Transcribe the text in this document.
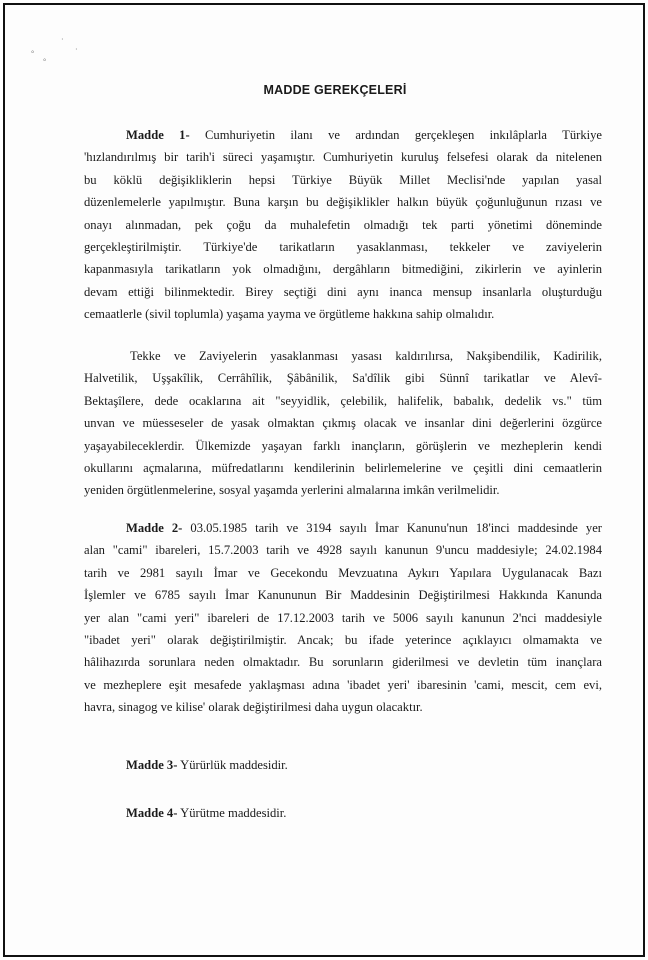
°
·
°
·
MADDE GEREKÇELERİ
Madde 1- Cumhuriyetin ilanı ve ardından gerçekleşen inkılâplarla Türkiye
'hızlandırılmış bir tarih'i süreci yaşamıştır. Cumhuriyetin kuruluş felsefesi olarak da nitelenen
bu köklü değişikliklerin hepsi Türkiye Büyük Millet Meclisi'nde yapılan yasal
düzenlemelerle yapılmıştır. Buna karşın bu değişiklikler halkın büyük çoğunluğunun rızası ve
onayı alınmadan, pek çoğu da muhalefetin olmadığı tek parti yönetimi döneminde
gerçekleştirilmiştir. Türkiye'de tarikatların yasaklanması, tekkeler ve zaviyelerin
kapanmasıyla tarikatların yok olmadığını, dergâhların bitmediğini, zikirlerin ve ayinlerin
devam ettiği bilinmektedir. Birey seçtiği dini aynı inanca mensup insanlarla oluşturduğu
cemaatlerle (sivil toplumla) yaşama yayma ve örgütleme hakkına sahip olmalıdır.
Tekke ve Zaviyelerin yasaklanması yasası kaldırılırsa, Nakşibendilik, Kadirilik,
Halvetilik, Uşşakîlik, Cerrâhîlik, Şâbânilik, Sa'dîlik gibi Sünnî tarikatlar ve Alevî-
Bektaşîlere, dede ocaklarına ait "seyyidlik, çelebilik, halifelik, babalık, dedelik vs." tüm
unvan ve müesseseler de yasak olmaktan çıkmış olacak ve insanlar dini değerlerini özgürce
yaşayabileceklerdir. Ülkemizde yaşayan farklı inançların, görüşlerin ve mezheplerin kendi
okullarını açmalarına, müfredatlarını kendilerinin belirlemelerine ve çeşitli dini cemaatlerin
yeniden örgütlenmelerine, sosyal yaşamda yerlerini almalarına imkân verilmelidir.
Madde 2- 03.05.1985 tarih ve 3194 sayılı İmar Kanunu'nun 18'inci maddesinde yer
alan "cami" ibareleri, 15.7.2003 tarih ve 4928 sayılı kanunun 9'uncu maddesiyle; 24.02.1984
tarih ve 2981 sayılı İmar ve Gecekondu Mevzuatına Aykırı Yapılara Uygulanacak Bazı
İşlemler ve 6785 sayılı İmar Kanununun Bir Maddesinin Değiştirilmesi Hakkında Kanunda
yer alan "cami yeri" ibareleri de 17.12.2003 tarih ve 5006 sayılı kanunun 2'nci maddesiyle
"ibadet yeri" olarak değiştirilmiştir. Ancak; bu ifade yeterince açıklayıcı olmamakta ve
hâlihazırda sorunlara neden olmaktadır. Bu sorunların giderilmesi ve devletin tüm inançlara
ve mezheplere eşit mesafede yaklaşması adına 'ibadet yeri' ibaresinin 'cami, mescit, cem evi,
havra, sinagog ve kilise' olarak değiştirilmesi daha uygun olacaktır.
Madde 3- Yürürlük maddesidir.
Madde 4- Yürütme maddesidir.
